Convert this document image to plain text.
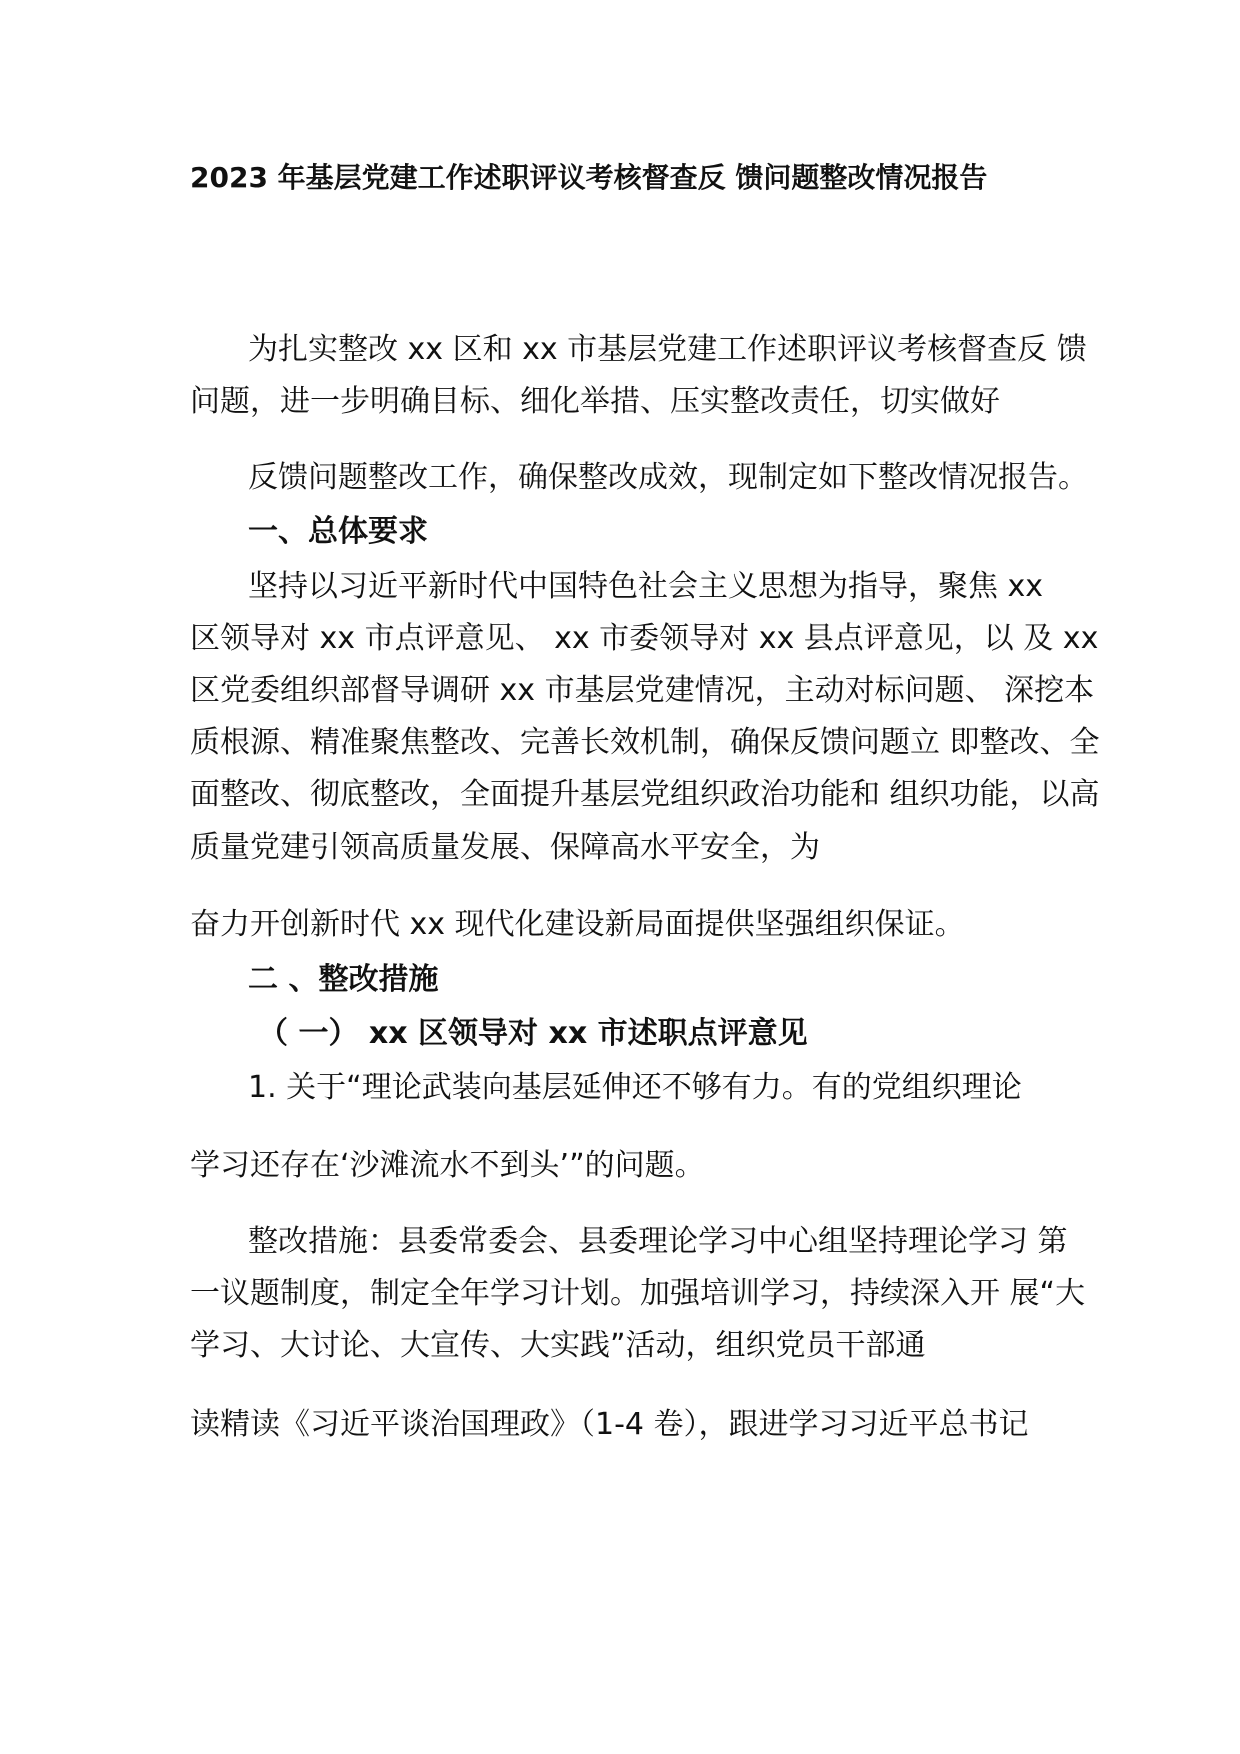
2023 年基层党建工作述职评议考核督查反 馈问题整改情况报告
为扎实整改 xx 区和 xx 市基层党建工作述职评议考核督查反 馈
问题，进一步明确目标、细化举措、压实整改责任，切实做好
反馈问题整改工作，确保整改成效，现制定如下整改情况报告。
一、总体要求
坚持以习近平新时代中国特色社会主义思想为指导，聚焦 xx
区领导对 xx 市点评意见、 xx 市委领导对 xx 县点评意见，以 及 xx
区党委组织部督导调研 xx 市基层党建情况，主动对标问题、 深挖本
质根源、精准聚焦整改、完善长效机制，确保反馈问题立 即整改、全
面整改、彻底整改，全面提升基层党组织政治功能和 组织功能，以高
质量党建引领高质量发展、保障高水平安全，为
奋力开创新时代 xx 现代化建设新局面提供坚强组织保证。
二 、整改措施
（ 一） xx 区领导对 xx 市述职点评意见
1. 关于“理论武装向基层延伸还不够有力。有的党组织理论
学习还存在‘沙滩流水不到头’”的问题。
整改措施：县委常委会、县委理论学习中心组坚持理论学习 第
一议题制度，制定全年学习计划。加强培训学习，持续深入开 展“大
学习、大讨论、大宣传、大实践”活动，组织党员干部通
读精读《习近平谈治国理政》（1-4 卷），跟进学习习近平总书记
